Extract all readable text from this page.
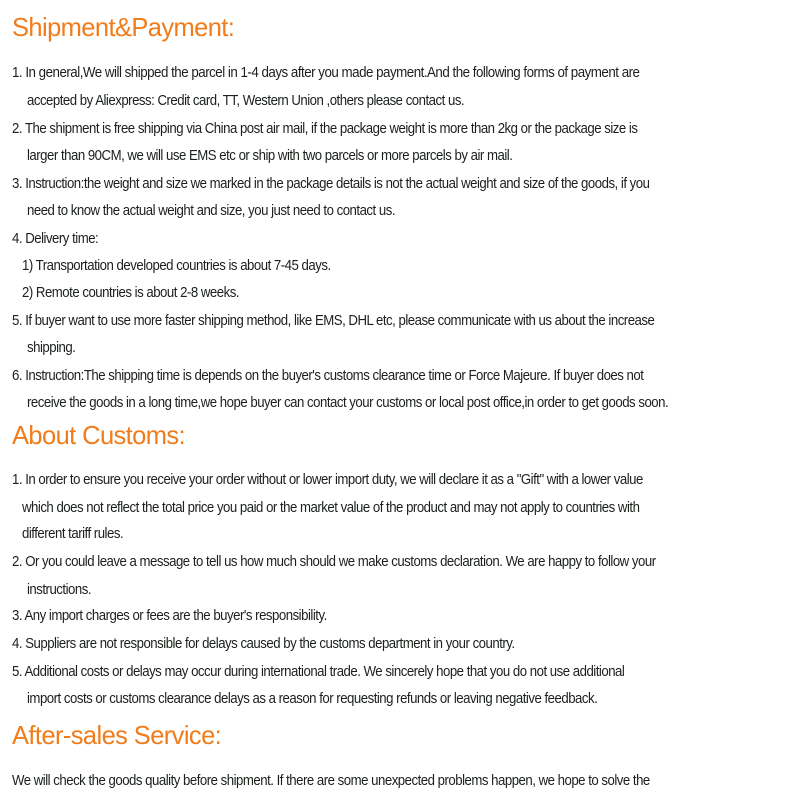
Shipment&Payment:
1. In general,We will shipped the parcel in 1-4 days after you made payment.And the following forms of payment are
accepted by Aliexpress: Credit card, TT, Western Union ,others please contact us.
2. The shipment is free shipping via China post air mail, if the package weight is more than 2kg or the package size is
larger than 90CM, we will use EMS etc or ship with two parcels or more parcels by air mail.
3. Instruction:the weight and size we marked in the package details is not the actual weight and size of the goods, if you
need to know the actual weight and size, you just need to contact us.
4. Delivery time:
1) Transportation developed countries is about 7-45 days.
2) Remote countries is about 2-8 weeks.
5. If buyer want to use more faster shipping method, like EMS, DHL etc, please communicate with us about the increase
shipping.
6. Instruction:The shipping time is depends on the buyer's customs clearance time or Force Majeure. If buyer does not
receive the goods in a long time,we hope buyer can contact your customs or local post office,in order to get goods soon.
About Customs:
1. In order to ensure you receive your order without or lower import duty, we will declare it as a "Gift" with a lower value
which does not reflect the total price you paid or the market value of the product and may not apply to countries with
different tariff rules.
2. Or you could leave a message to tell us how much should we make customs declaration. We are happy to follow your
instructions.
3. Any import charges or fees are the buyer's responsibility.
4. Suppliers are not responsible for delays caused by the customs department in your country.
5. Additional costs or delays may occur during international trade. We sincerely hope that you do not use additional
import costs or customs clearance delays as a reason for requesting refunds or leaving negative feedback.
After-sales Service:
We will check the goods quality before shipment. If there are some unexpected problems happen, we hope to solve the
